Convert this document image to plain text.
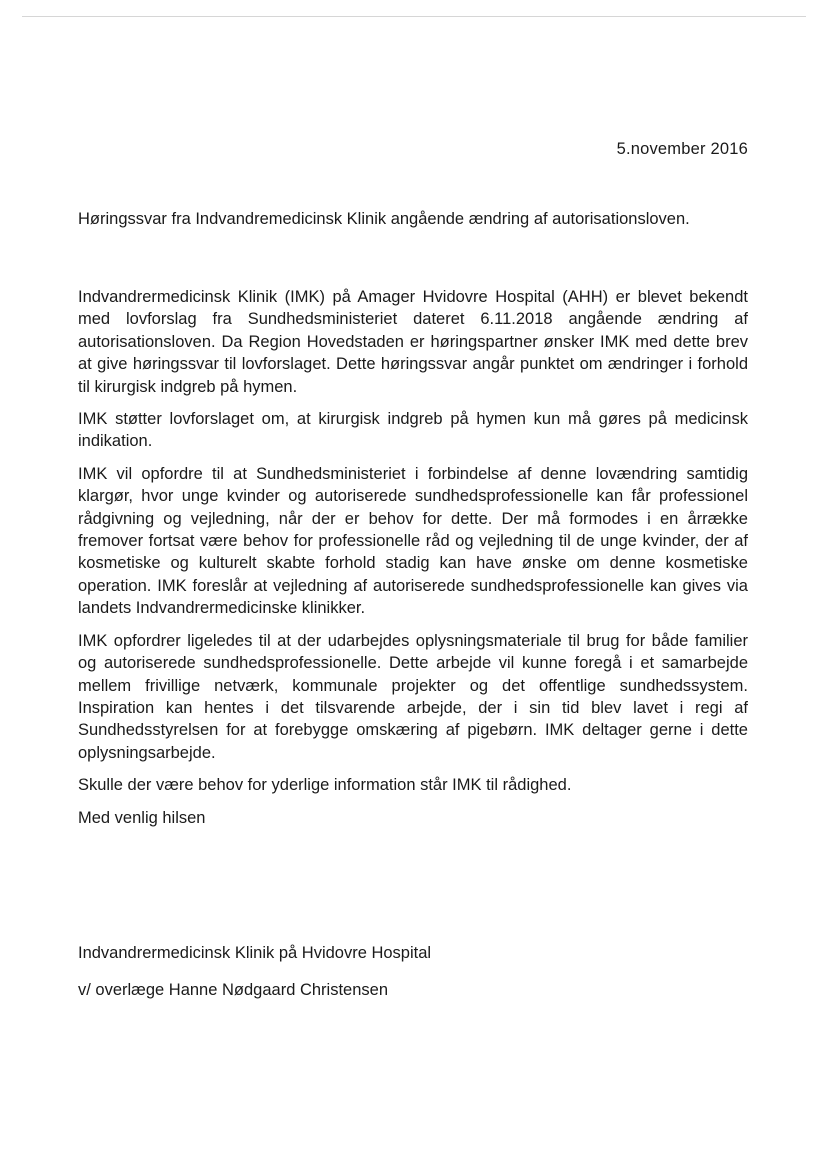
5.november 2016
Høringssvar fra Indvandremedicinsk Klinik angående ændring af autorisationsloven.

Indvandrermedicinsk Klinik (IMK) på Amager Hvidovre Hospital (AHH) er blevet bekendt med lovforslag fra Sundhedsministeriet dateret 6.11.2018 angående ændring af autorisationsloven. Da Region Hovedstaden er høringspartner ønsker IMK med dette brev at give høringssvar til lovforslaget. Dette høringssvar angår punktet om ændringer i forhold til kirurgisk indgreb på hymen.

IMK støtter lovforslaget om, at kirurgisk indgreb på hymen kun må gøres på medicinsk indikation.

IMK vil opfordre til at Sundhedsministeriet i forbindelse af denne lovændring samtidig klargør, hvor unge kvinder og autoriserede sundhedsprofessionelle kan får professionel rådgivning og vejledning, når der er behov for dette. Der må formodes i en årrække fremover fortsat være behov for professionelle råd og vejledning til de unge kvinder, der af kosmetiske og kulturelt skabte forhold stadig kan have ønske om denne kosmetiske operation. IMK foreslår at vejledning af autoriserede sundhedsprofessionelle kan gives via landets Indvandrermedicinske klinikker.

IMK opfordrer ligeledes til at der udarbejdes oplysningsmateriale til brug for både familier og autoriserede sundhedsprofessionelle. Dette arbejde vil kunne foregå i et samarbejde mellem frivillige netværk, kommunale projekter og det offentlige sundhedssystem. Inspiration kan hentes i det tilsvarende arbejde, der i sin tid blev lavet i regi af Sundhedsstyrelsen for at forebygge omskæring af pigebørn. IMK deltager gerne i dette oplysningsarbejde.

Skulle der være behov for yderlige information står IMK til rådighed.

Med venlig hilsen

Indvandrermedicinsk Klinik på Hvidovre Hospital
v/ overlæge Hanne Nødgaard Christensen
